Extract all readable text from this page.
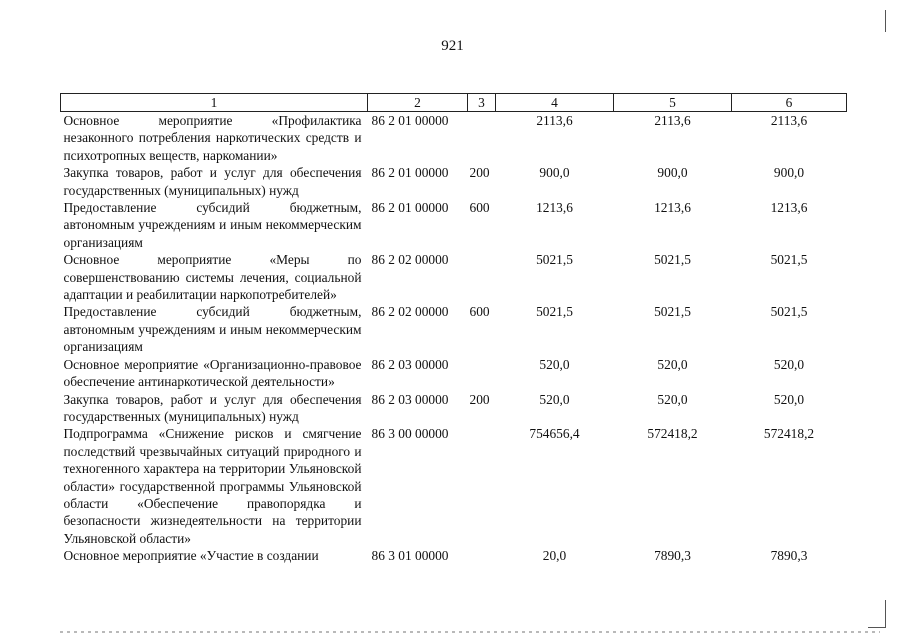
921
1	2	3	4	5	6
Основное мероприятие «Профилактика незаконного потребления наркотических средств и психотропных веществ, наркомании»	86 2 01 00000		2113,6	2113,6	2113,6
Закупка товаров, работ и услуг для обеспечения государственных (муниципальных) нужд	86 2 01 00000	200	900,0	900,0	900,0
Предоставление субсидий бюджетным, автономным учреждениям и иным некоммерческим организациям	86 2 01 00000	600	1213,6	1213,6	1213,6
Основное мероприятие «Меры по совершенствованию системы лечения, социальной адаптации и реабилитации наркопотребителей»	86 2 02 00000		5021,5	5021,5	5021,5
Предоставление субсидий бюджетным, автономным учреждениям и иным некоммерческим организациям	86 2 02 00000	600	5021,5	5021,5	5021,5
Основное мероприятие «Организационно-правовое обеспечение антинаркотической деятельности»	86 2 03 00000		520,0	520,0	520,0
Закупка товаров, работ и услуг для обеспечения государственных (муниципальных) нужд	86 2 03 00000	200	520,0	520,0	520,0
Подпрограмма «Снижение рисков и смягчение последствий чрезвычайных ситуаций природного и техногенного характера на территории Ульяновской области» государственной программы Ульяновской области «Обеспечение правопорядка и безопасности жизнедеятельности на территории Ульяновской области»	86 3 00 00000		754656,4	572418,2	572418,2
Основное мероприятие «Участие в создании	86 3 01 00000		20,0	7890,3	7890,3
